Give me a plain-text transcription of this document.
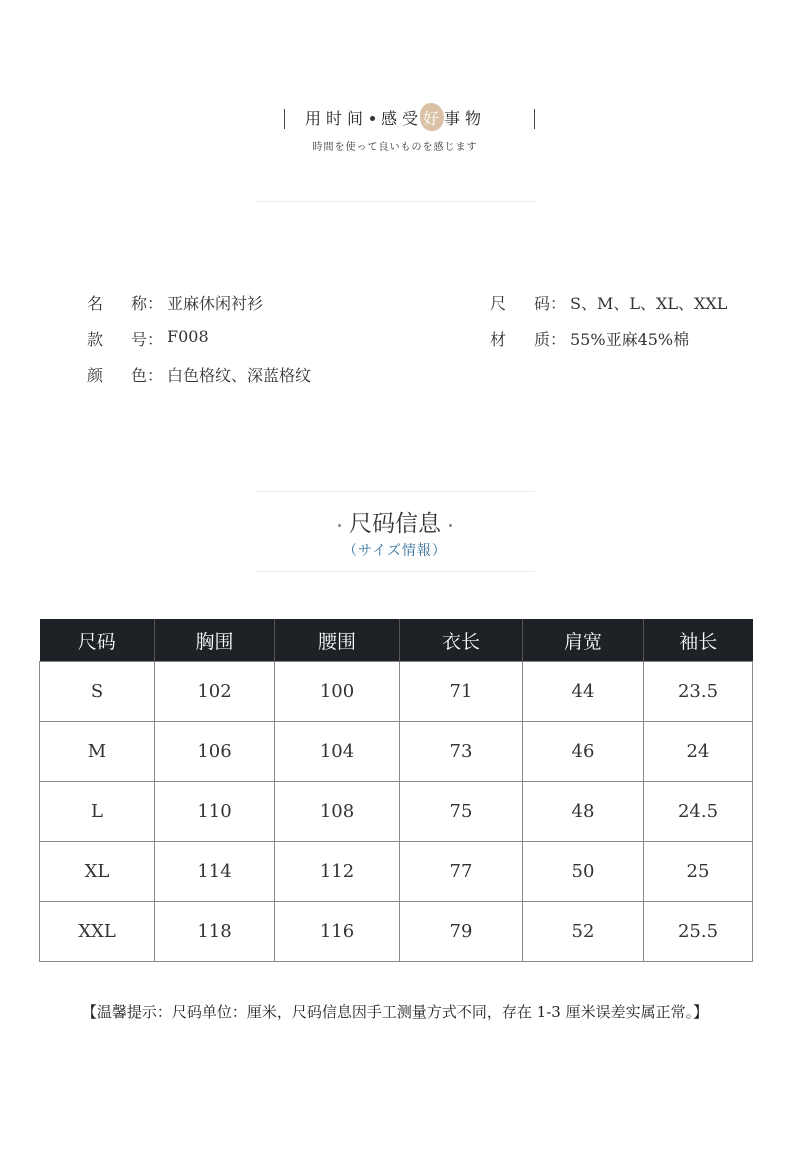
用时间 感受好事物
時間を使って良いものを感じます
名 称 ： 亚麻休闲衬衫
款 号 ： F008
颜 色 ： 白色格纹、深蓝格纹
尺 码 ： S、M、L、XL、XXL
材 质 ： 55%亚麻45%棉
尺码信息
（サイズ情報）
尺码	胸围	腰围	衣长	肩宽	袖长
S	102	100	71	44	23.5
M	106	104	73	46	24
L	110	108	75	48	24.5
XL	114	112	77	50	25
XXL	118	116	79	52	25.5
【温馨提示：尺码单位：厘米，尺码信息因手工测量方式不同，存在 1-3 厘米误差实属正常。】
